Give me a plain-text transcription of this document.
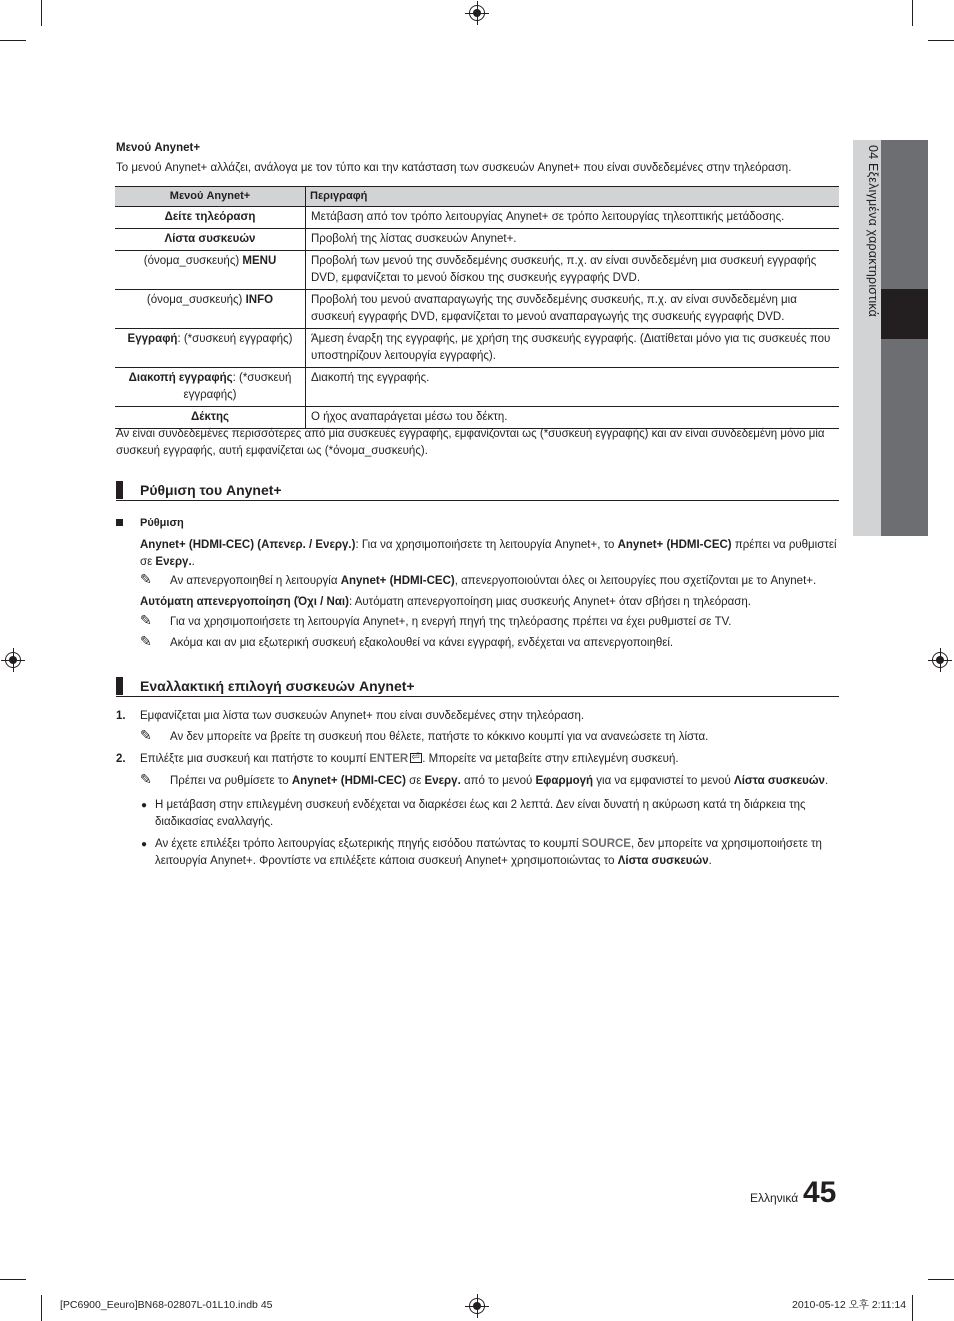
04 Εξελιγμένα χαρακτηριστικά
Μενού Anynet+
Το μενού Anynet+ αλλάζει, ανάλογα με τον τύπο και την κατάσταση των συσκευών Anynet+ που είναι συνδεδεμένες στην τηλεόραση.
Μενού Anynet+	Περιγραφή
Δείτε τηλεόραση	Μετάβαση από τον τρόπο λειτουργίας Anynet+ σε τρόπο λειτουργίας τηλεοπτικής μετάδοσης.
Λίστα συσκευών	Προβολή της λίστας συσκευών Anynet+.
(όνομα_συσκευής) MENU	Προβολή των μενού της συνδεδεμένης συσκευής, π.χ. αν είναι συνδεδεμένη μια συσκευή εγγραφής DVD, εμφανίζεται το μενού δίσκου της συσκευής εγγραφής DVD.
(όνομα_συσκευής) INFO	Προβολή του μενού αναπαραγωγής της συνδεδεμένης συσκευής, π.χ. αν είναι συνδεδεμένη μια συσκευή εγγραφής DVD, εμφανίζεται το μενού αναπαραγωγής της συσκευής εγγραφής DVD.
Εγγραφή: (*συσκευή εγγραφής)	Άμεση έναρξη της εγγραφής, με χρήση της συσκευής εγγραφής. (Διατίθεται μόνο για τις συσκευές που υποστηρίζουν λειτουργία εγγραφής).
Διακοπή εγγραφής: (*συσκευή εγγραφής)	Διακοπή της εγγραφής.
Δέκτης	Ο ήχος αναπαράγεται μέσω του δέκτη.
Αν είναι συνδεδεμένες περισσότερες από μία συσκευές εγγραφής, εμφανίζονται ως (*συσκευή εγγραφής) και αν είναι συνδεδεμένη μόνο μία συσκευή εγγραφής, αυτή εμφανίζεται ως (*όνομα_συσκευής).
Ρύθμιση του Anynet+
Ρύθμιση
Anynet+ (HDMI-CEC) (Απενερ. / Ενεργ.): Για να χρησιμοποιήσετε τη λειτουργία Anynet+, το Anynet+ (HDMI-CEC) πρέπει να ρυθμιστεί σε Ενεργ..
✎ Αν απενεργοποιηθεί η λειτουργία Anynet+ (HDMI-CEC), απενεργοποιούνται όλες οι λειτουργίες που σχετίζονται με το Anynet+.
Αυτόματη απενεργοποίηση (Όχι / Ναι): Αυτόματη απενεργοποίηση μιας συσκευής Anynet+ όταν σβήσει η τηλεόραση.
✎ Για να χρησιμοποιήσετε τη λειτουργία Anynet+, η ενεργή πηγή της τηλεόρασης πρέπει να έχει ρυθμιστεί σε TV.
✎ Ακόμα και αν μια εξωτερική συσκευή εξακολουθεί να κάνει εγγραφή, ενδέχεται να απενεργοποιηθεί.
Εναλλακτική επιλογή συσκευών Anynet+
1. Εμφανίζεται μια λίστα των συσκευών Anynet+ που είναι συνδεδεμένες στην τηλεόραση.
✎ Αν δεν μπορείτε να βρείτε τη συσκευή που θέλετε, πατήστε το κόκκινο κουμπί για να ανανεώσετε τη λίστα.
2. Επιλέξτε μια συσκευή και πατήστε το κουμπί ENTER ⏎ . Μπορείτε να μεταβείτε στην επιλεγμένη συσκευή.
✎ Πρέπει να ρυθμίσετε το Anynet+ (HDMI-CEC) σε Ενεργ. από το μενού Εφαρμογή για να εμφανιστεί το μενού Λίστα συσκευών.
● Η μετάβαση στην επιλεγμένη συσκευή ενδέχεται να διαρκέσει έως και 2 λεπτά. Δεν είναι δυνατή η ακύρωση κατά τη διάρκεια της διαδικασίας εναλλαγής.
● Αν έχετε επιλέξει τρόπο λειτουργίας εξωτερικής πηγής εισόδου πατώντας το κουμπί SOURCE, δεν μπορείτε να χρησιμοποιήσετε τη λειτουργία Anynet+. Φροντίστε να επιλέξετε κάποια συσκευή Anynet+ χρησιμοποιώντας το Λίστα συσκευών.
Ελληνικά 45
[PC6900_Eeuro]BN68-02807L-01L10.indb 45	2010-05-12 오후 2:11:14
